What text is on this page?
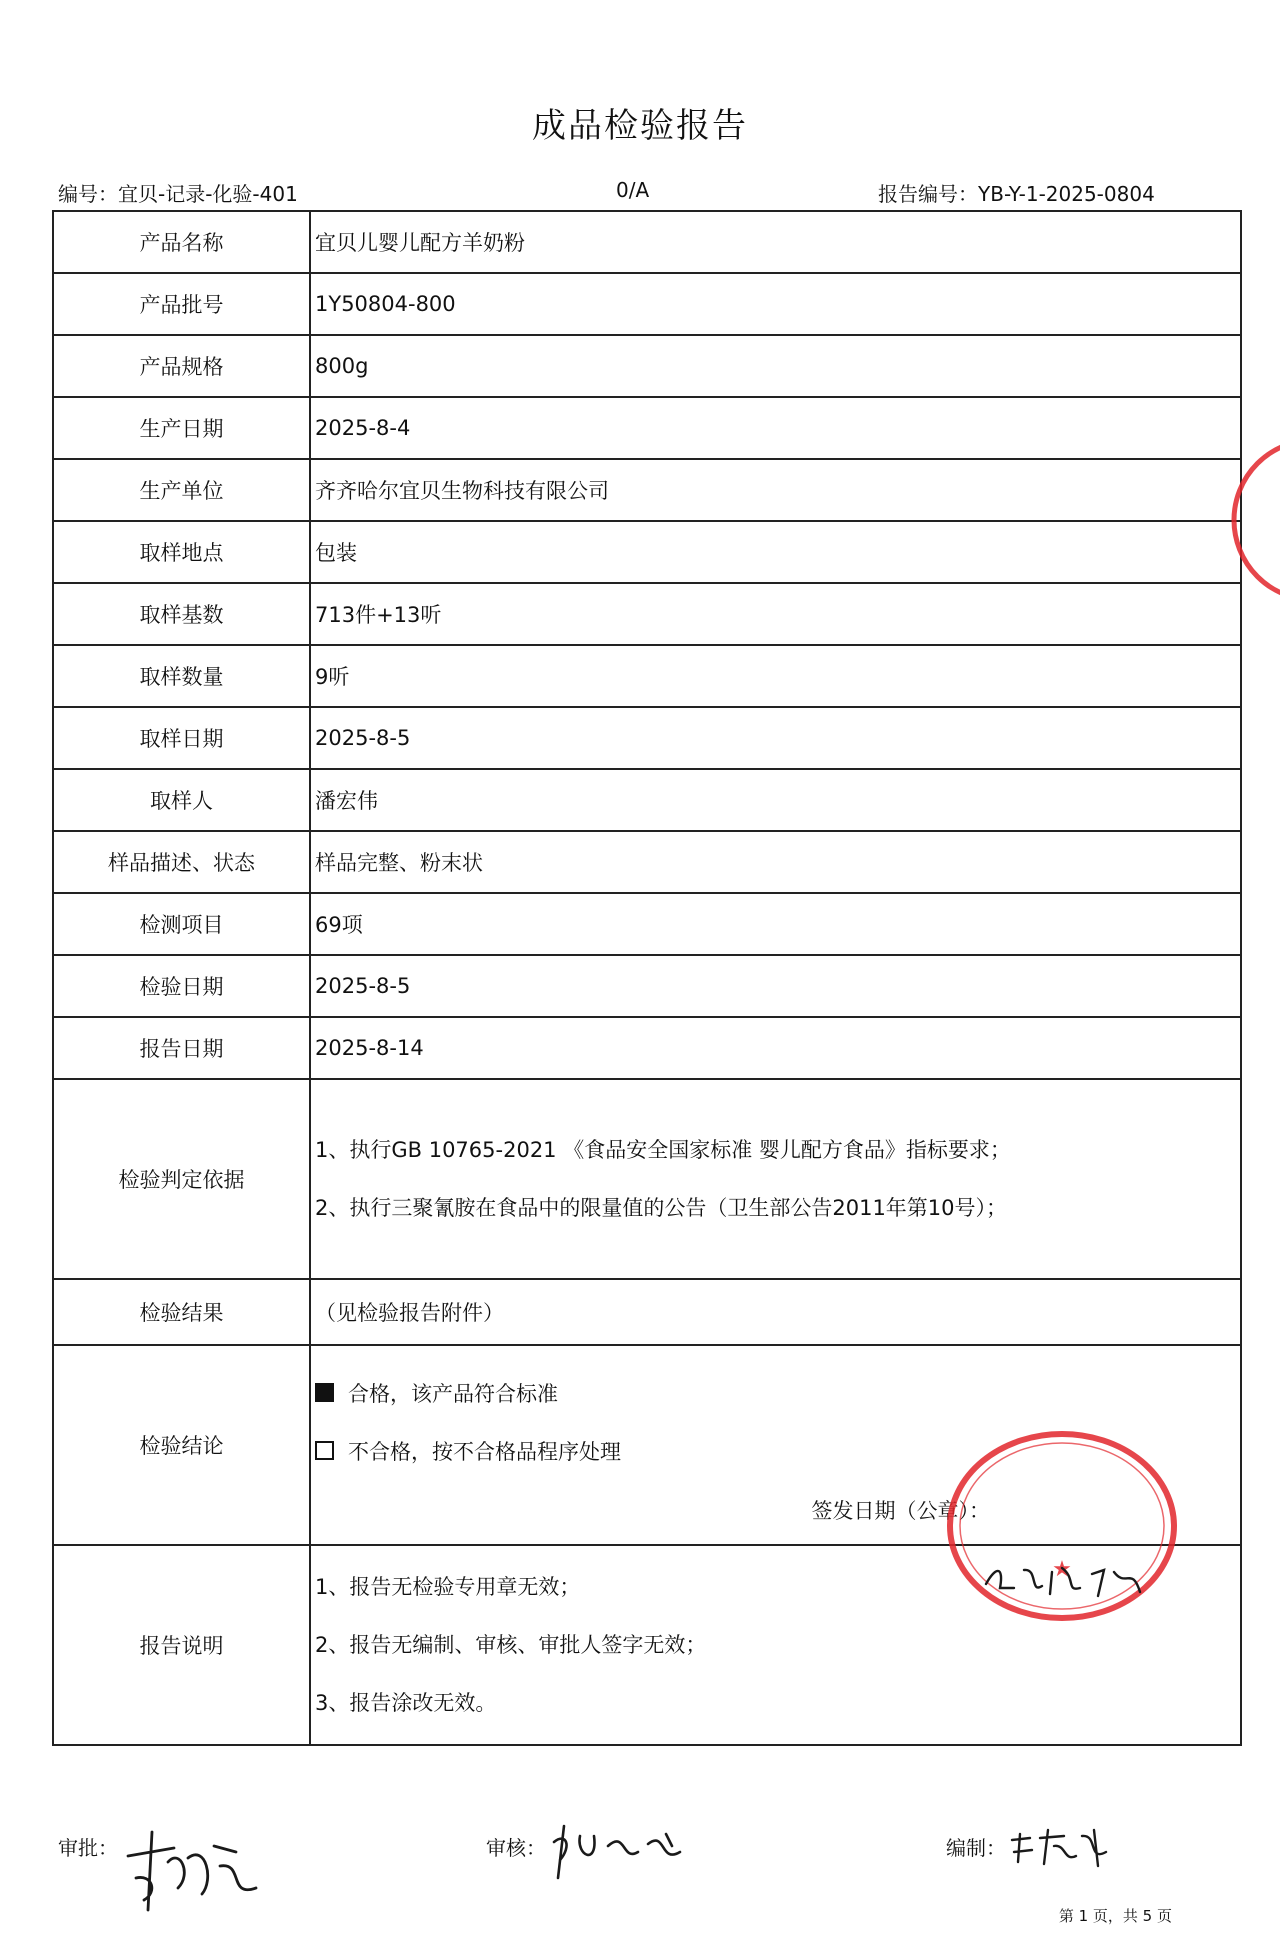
成品检验报告
编号：宜贝-记录-化验-401	0/A	报告编号：YB-Y-1-2025-0804
产品名称	宜贝儿婴儿配方羊奶粉
产品批号	1Y50804-800
产品规格	800g
生产日期	2025-8-4
生产单位	齐齐哈尔宜贝生物科技有限公司
取样地点	包装
取样基数	713件+13听
取样数量	9听
取样日期	2025-8-5
取样人	潘宏伟
样品描述、状态	样品完整、粉末状
检测项目	69项
检验日期	2025-8-5
报告日期	2025-8-14
检验判定依据	1、执行GB 10765-2021 《食品安全国家标准 婴儿配方食品》指标要求；

2、执行三聚氰胺在食品中的限量值的公告（卫生部公告2011年第10号）；

检验结果	（见检验报告附件）
检验结论	合格，该产品符合标准
不合格，按不合格品程序处理
签发日期（公章）：

报告说明	1、报告无检验专用章无效；

2、报告无编制、审核、审批人签字无效；

3、报告涂改无效。

★
审批：	审核：	编制：
第 1 页，共 5 页
